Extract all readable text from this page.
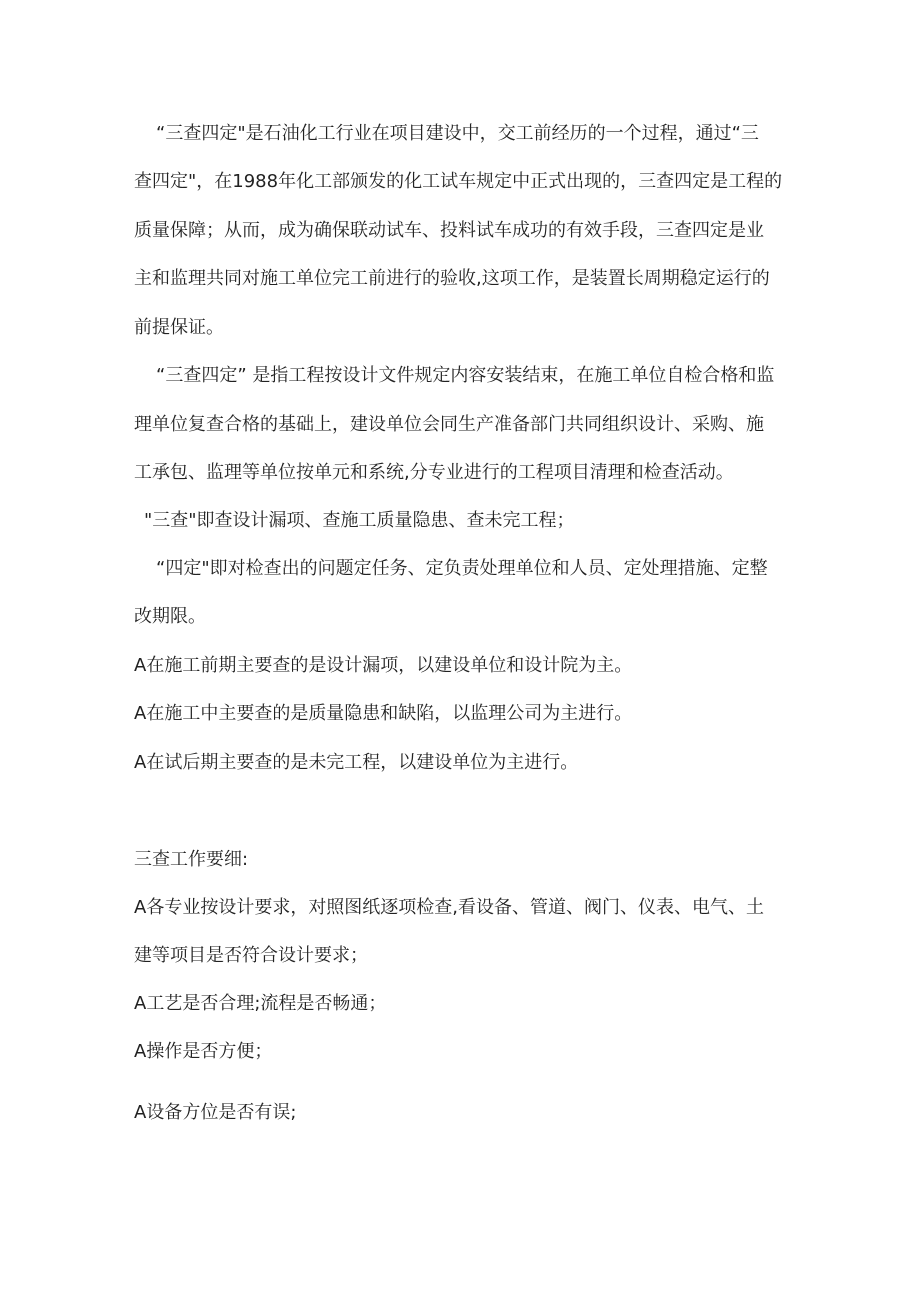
“三查四定"是石油化工行业在项目建设中，交工前经历的一个过程，通过“三
查四定"，在1988年化工部颁发的化工试车规定中正式出现的，三查四定是工程的
质量保障；从而，成为确保联动试车、投料试车成功的有效手段，三查四定是业
主和监理共同对施工单位完工前进行的验收,这项工作，是装置长周期稳定运行的
前提保证。
“三查四定” 是指工程按设计文件规定内容安装结束，在施工单位自检合格和监
理单位复查合格的基础上，建设单位会同生产准备部门共同组织设计、采购、施
工承包、监理等单位按单元和系统,分专业进行的工程项目清理和检查活动。
"三查"即查设计漏项、查施工质量隐患、查未完工程；
“四定"即对检查出的问题定任务、定负责处理单位和人员、定处理措施、定整
改期限。
A在施工前期主要查的是设计漏项，以建设单位和设计院为主。
A在施工中主要查的是质量隐患和缺陷，以监理公司为主进行。
A在试后期主要查的是未完工程，以建设单位为主进行。
三查工作要细:
A各专业按设计要求，对照图纸逐项检查,看设备、管道、阀门、仪表、电气、土
建等项目是否符合设计要求；
A工艺是否合理;流程是否畅通；
A操作是否方便；
A设备方位是否有误;
